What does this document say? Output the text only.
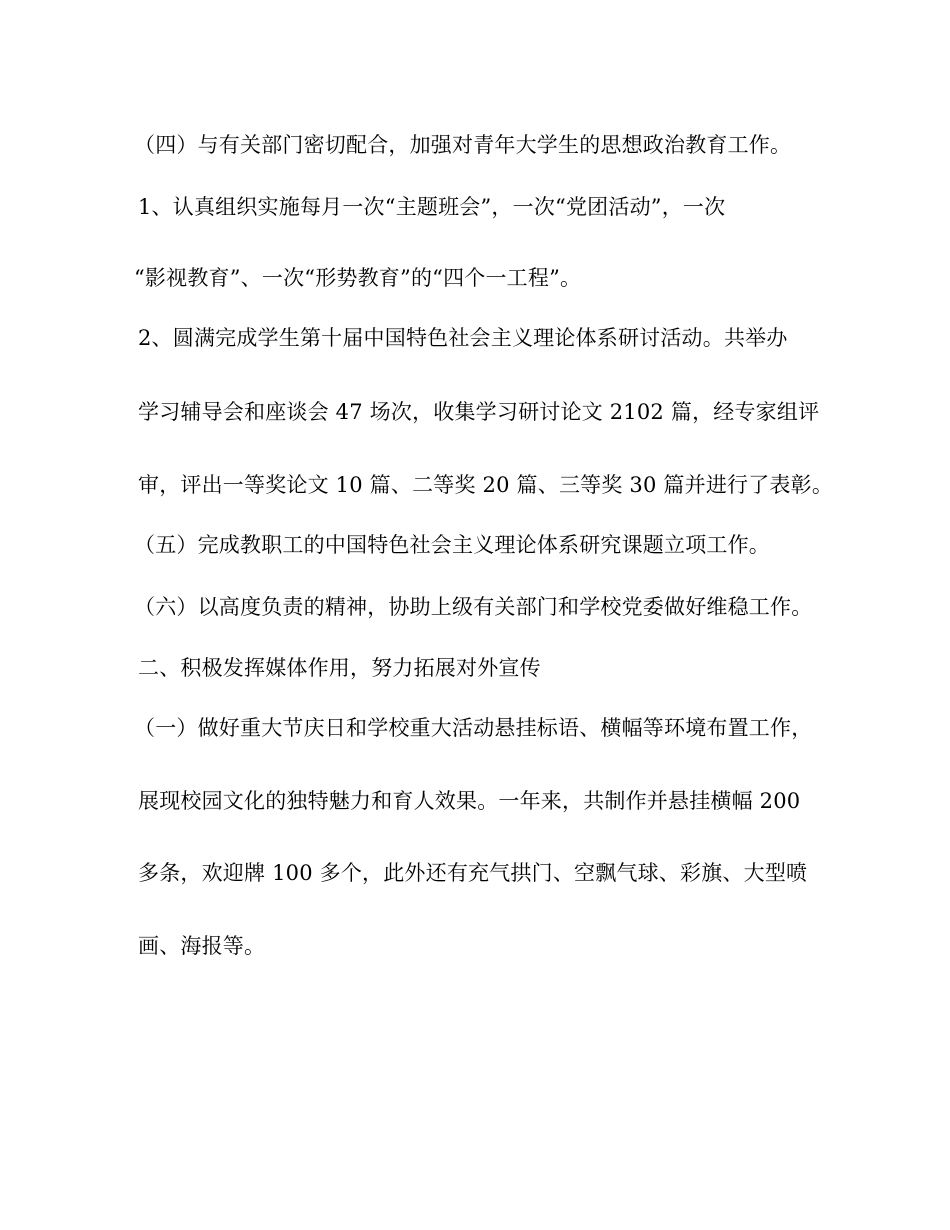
（四）与有关部门密切配合，加强对青年大学生的思想政治教育工作。
1、认真组织实施每月一次“主题班会”，一次“党团活动”，一次
“影视教育”、一次“形势教育”的“四个一工程”。
2、圆满完成学生第十届中国特色社会主义理论体系研讨活动。共举办
学习辅导会和座谈会 47 场次，收集学习研讨论文 2102 篇，经专家组评
审，评出一等奖论文 10 篇、二等奖 20 篇、三等奖 30 篇并进行了表彰。
（五）完成教职工的中国特色社会主义理论体系研究课题立项工作。
（六）以高度负责的精神，协助上级有关部门和学校党委做好维稳工作。
二、积极发挥媒体作用，努力拓展对外宣传
（一）做好重大节庆日和学校重大活动悬挂标语、横幅等环境布置工作，
展现校园文化的独特魅力和育人效果。一年来，共制作并悬挂横幅 200
多条，欢迎牌 100 多个，此外还有充气拱门、空飘气球、彩旗、大型喷
画、海报等。
